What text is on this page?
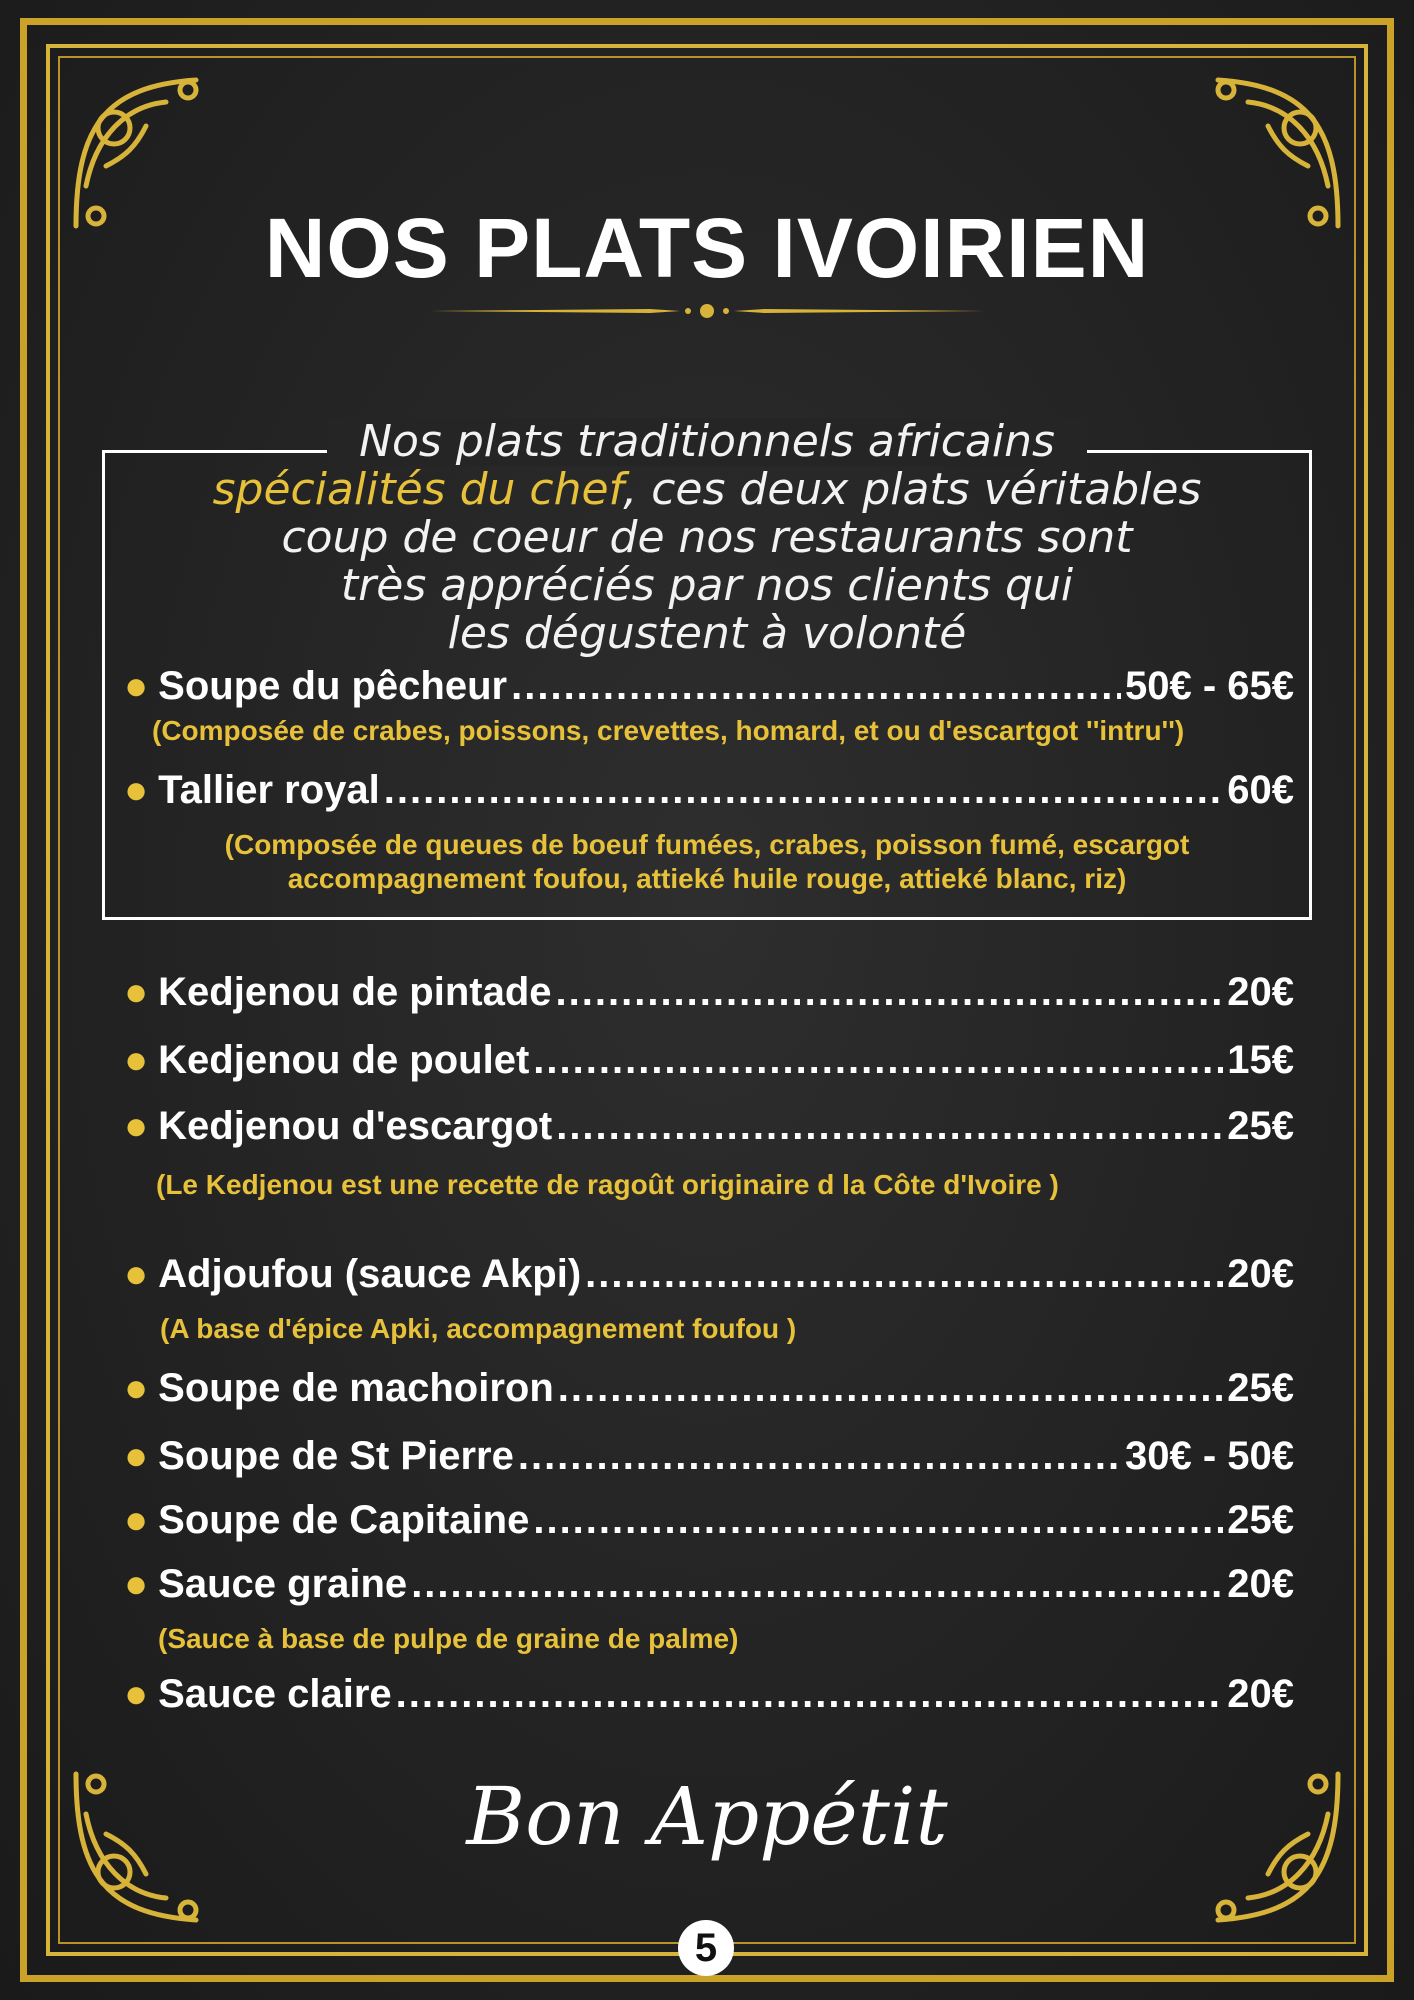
NOS PLATS IVOIRIEN
Nos plats traditionnels africains
spécialités du chef, ces deux plats véritables
coup de coeur de nos restaurants sont
très appréciés par nos clients qui
les dégustent à volonté
● Soupe du pêcheur .....	50€ - 65€
(Composée de crabes, poissons, crevettes, homard, et ou d'escartgot ''intru'')
● Tallier royal .....	60€
(Composée de queues de boeuf fumées, crabes, poisson fumé, escargot
accompagnement foufou, attieké huile rouge, attieké blanc, riz)
● Kedjenou de pintade .....	20€
● Kedjenou de poulet .....	15€
● Kedjenou d'escargot .....	25€
(Le Kedjenou est une recette de ragoût originaire d la Côte d'Ivoire )
● Adjoufou (sauce Akpi) .....	20€
(A base d'épice Apki, accompagnement foufou )
● Soupe de machoiron .....	25€
● Soupe de St Pierre .....	30€ - 50€
● Soupe de Capitaine .....	25€
● Sauce graine .....	20€
(Sauce à base de pulpe de graine de palme)
● Sauce claire .....	20€
Bon Appétit
5
